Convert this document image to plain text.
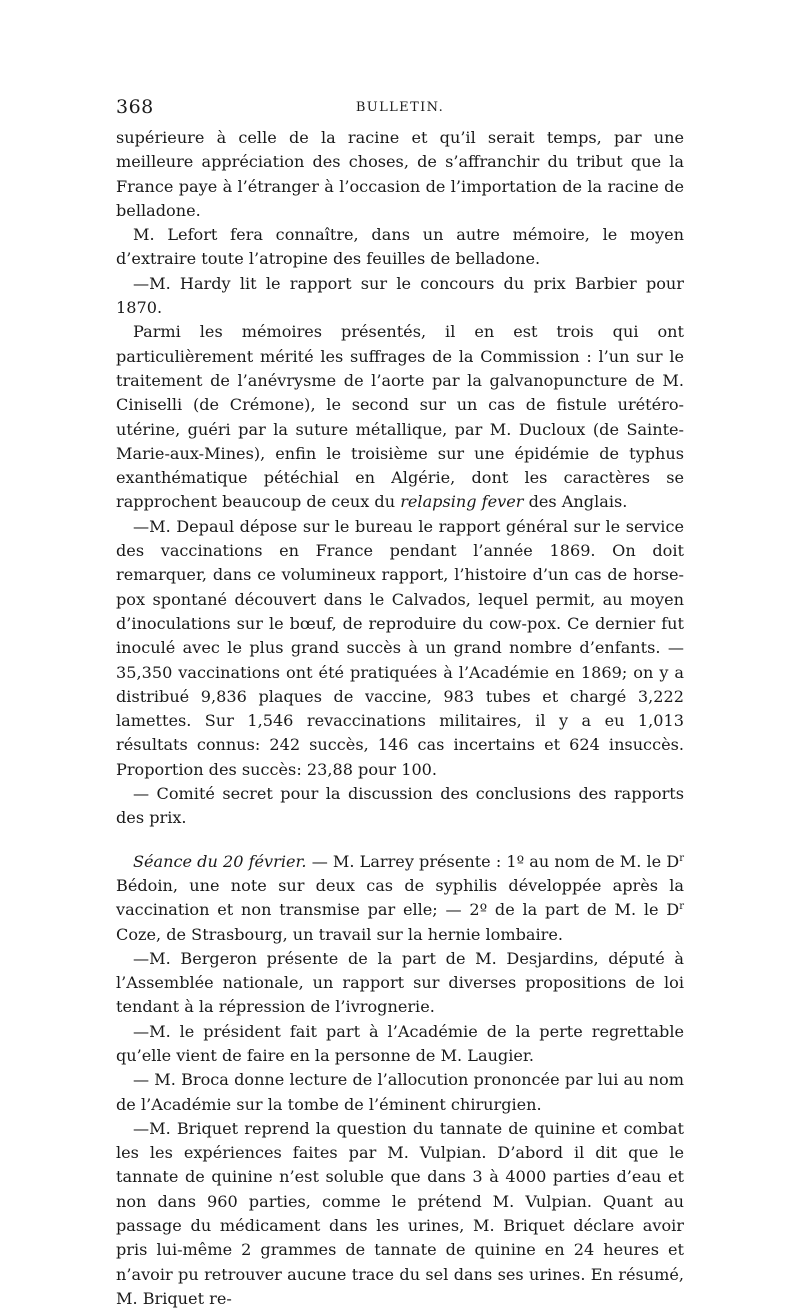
368	BULLETIN.

supérieure à celle de la racine et qu’il serait temps, par une meilleure appréciation des choses, de s’affranchir du tribut que la France paye à l’étranger à l’occasion de l’importation de la racine de belladone.

M. Lefort fera connaître, dans un autre mémoire, le moyen d’extraire toute l’atropine des feuilles de belladone.

—M. Hardy lit le rapport sur le concours du prix Barbier pour 1870.

Parmi les mémoires présentés, il en est trois qui ont particulièrement mérité les suffrages de la Commission : l’un sur le traitement de l’anévrysme de l’aorte par la galvanopuncture de M. Ciniselli (de Crémone), le second sur un cas de fistule urétéro-utérine, guéri par la suture métallique, par M. Ducloux (de Sainte-Marie-aux-Mines), enfin le troisième sur une épidémie de typhus exanthématique pétéchial en Algérie, dont les caractères se rapprochent beaucoup de ceux du relapsing fever des Anglais.

—M. Depaul dépose sur le bureau le rapport général sur le service des vaccinations en France pendant l’année 1869. On doit remarquer, dans ce volumineux rapport, l’histoire d’un cas de horse-pox spontané découvert dans le Calvados, lequel permit, au moyen d’inoculations sur le bœuf, de reproduire du cow-pox. Ce dernier fut inoculé avec le plus grand succès à un grand nombre d’enfants. — 35,350 vaccinations ont été pratiquées à l’Académie en 1869; on y a distribué 9,836 plaques de vaccine, 983 tubes et chargé 3,222 lamettes. Sur 1,546 revaccinations militaires, il y a eu 1,013 résultats connus: 242 succès, 146 cas incertains et 624 insuccès. Proportion des succès: 23,88 pour 100.

— Comité secret pour la discussion des conclusions des rapports des prix.

Séance du 20 février. — M. Larrey présente : 1º au nom de M. le $D^r$ Bédoin, une note sur deux cas de syphilis développée après la vaccination et non transmise par elle; — 2º de la part de M. le $D^r$ Coze, de Strasbourg, un travail sur la hernie lombaire.

—M. Bergeron présente de la part de M. Desjardins, député à l’Assemblée nationale, un rapport sur diverses propositions de loi tendant à la répression de l’ivrognerie.

—M. le président fait part à l’Académie de la perte regrettable qu’elle vient de faire en la personne de M. Laugier.

— M. Broca donne lecture de l’allocution prononcée par lui au nom de l’Académie sur la tombe de l’éminent chirurgien.

—M. Briquet reprend la question du tannate de quinine et combat les les expériences faites par M. Vulpian. D’abord il dit que le tannate de quinine n’est soluble que dans 3 à 4000 parties d’eau et non dans 960 parties, comme le prétend M. Vulpian. Quant au passage du médicament dans les urines, M. Briquet déclare avoir pris lui-même 2 grammes de tannate de quinine en 24 heures et n’avoir pu retrouver aucune trace du sel dans ses urines. En résumé, M. Briquet re-
